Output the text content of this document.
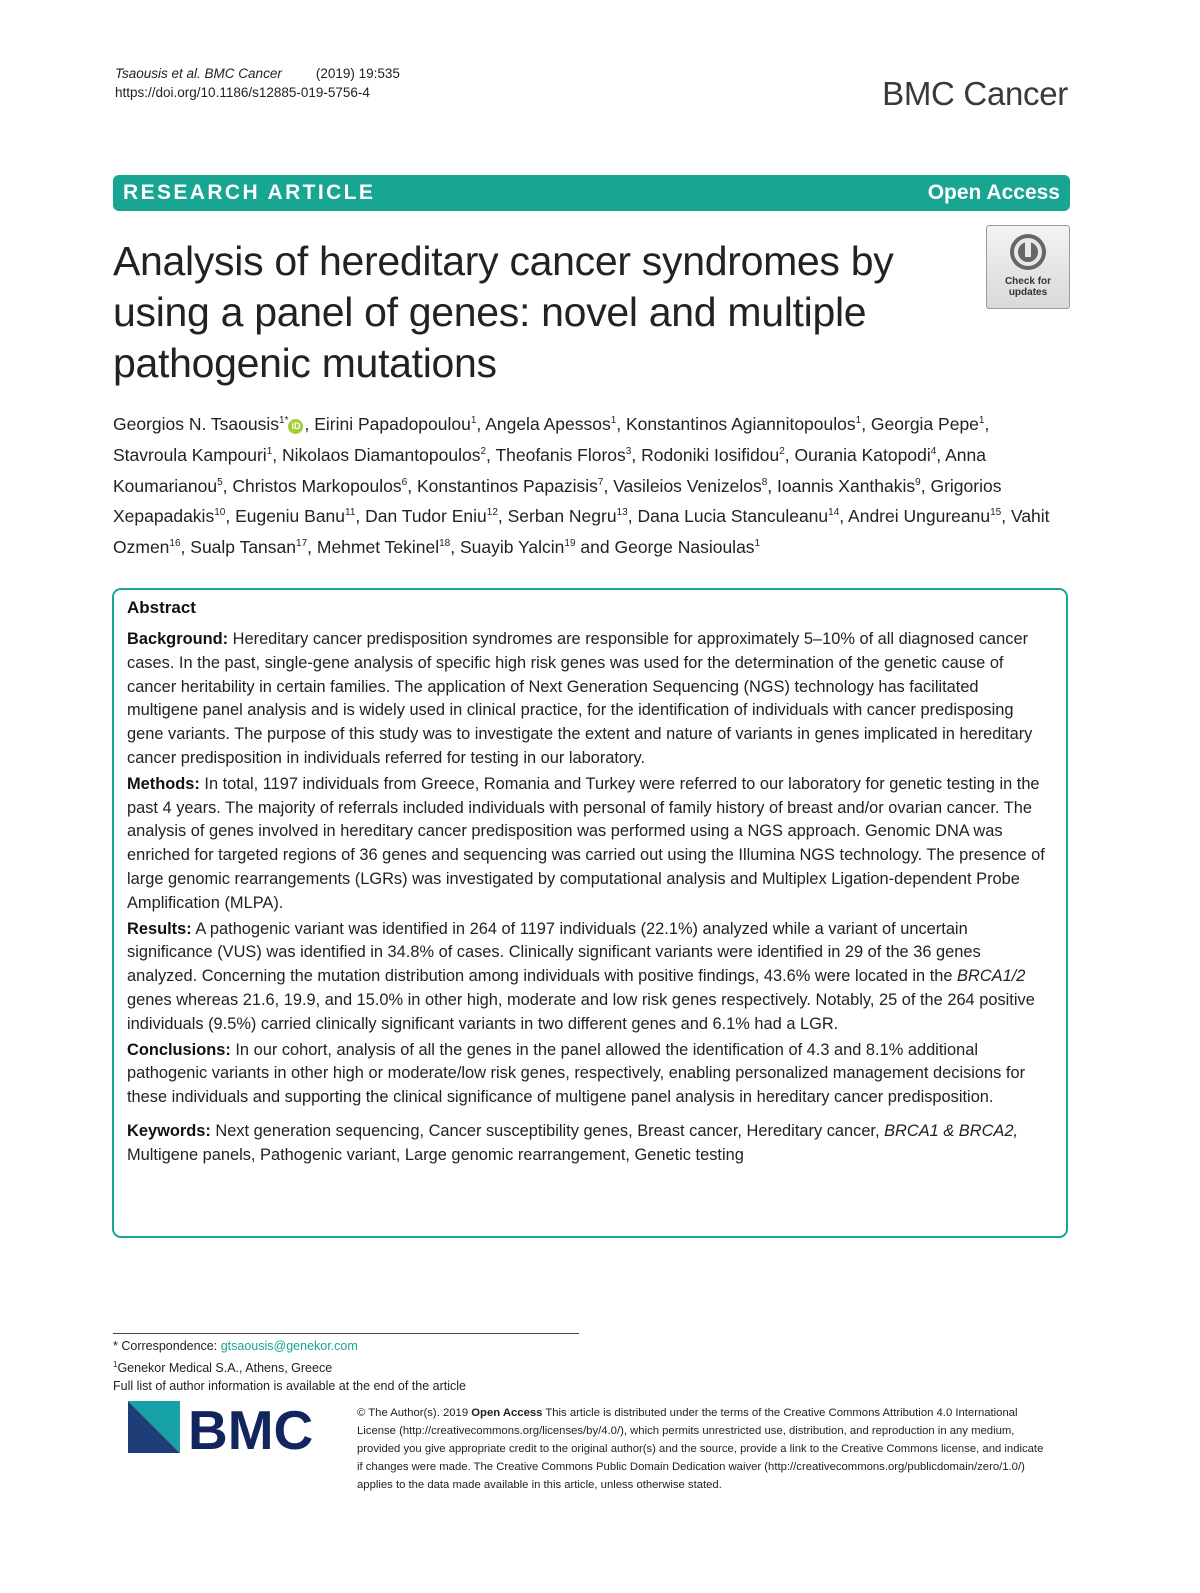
Tsaousis et al. BMC Cancer	(2019) 19:535
https://doi.org/10.1186/s12885-019-5756-4	BMC Cancer
RESEARCH ARTICLE	Open Access
Analysis of hereditary cancer syndromes by using a panel of genes: novel and multiple pathogenic mutations
Check for
updates
Georgios N. Tsaousis$^{1*}$ iD , Eirini Papadopoulou$^1$, Angela Apessos$^1$, Konstantinos Agiannitopoulos$^1$, Georgia Pepe$^1$, Stavroula Kampouri$^1$, Nikolaos Diamantopoulos$^2$, Theofanis Floros$^3$, Rodoniki Iosifidou$^2$, Ourania Katopodi$^4$, Anna Koumarianou$^5$, Christos Markopoulos$^6$, Konstantinos Papazisis$^7$, Vasileios Venizelos$^8$, Ioannis Xanthakis$^9$, Grigorios Xepapadakis$^{10}$, Eugeniu Banu$^{11}$, Dan Tudor Eniu$^{12}$, Serban Negru$^{13}$, Dana Lucia Stanculeanu$^{14}$, Andrei Ungureanu$^{15}$, Vahit Ozmen$^{16}$, Sualp Tansan$^{17}$, Mehmet Tekinel$^{18}$, Suayib Yalcin$^{19}$ and George Nasioulas$^1$
Abstract

Background: Hereditary cancer predisposition syndromes are responsible for approximately 5–10% of all diagnosed cancer cases. In the past, single-gene analysis of specific high risk genes was used for the determination of the genetic cause of cancer heritability in certain families. The application of Next Generation Sequencing (NGS) technology has facilitated multigene panel analysis and is widely used in clinical practice, for the identification of individuals with cancer predisposing gene variants. The purpose of this study was to investigate the extent and nature of variants in genes implicated in hereditary cancer predisposition in individuals referred for testing in our laboratory.

Methods: In total, 1197 individuals from Greece, Romania and Turkey were referred to our laboratory for genetic testing in the past 4 years. The majority of referrals included individuals with personal of family history of breast and/or ovarian cancer. The analysis of genes involved in hereditary cancer predisposition was performed using a NGS approach. Genomic DNA was enriched for targeted regions of 36 genes and sequencing was carried out using the Illumina NGS technology. The presence of large genomic rearrangements (LGRs) was investigated by computational analysis and Multiplex Ligation-dependent Probe Amplification (MLPA).

Results: A pathogenic variant was identified in 264 of 1197 individuals (22.1%) analyzed while a variant of uncertain significance (VUS) was identified in 34.8% of cases. Clinically significant variants were identified in 29 of the 36 genes analyzed. Concerning the mutation distribution among individuals with positive findings, 43.6% were located in the BRCA1/2 genes whereas 21.6, 19.9, and 15.0% in other high, moderate and low risk genes respectively. Notably, 25 of the 264 positive individuals (9.5%) carried clinically significant variants in two different genes and 6.1% had a LGR.

Conclusions: In our cohort, analysis of all the genes in the panel allowed the identification of 4.3 and 8.1% additional pathogenic variants in other high or moderate/low risk genes, respectively, enabling personalized management decisions for these individuals and supporting the clinical significance of multigene panel analysis in hereditary cancer predisposition.

Keywords: Next generation sequencing, Cancer susceptibility genes, Breast cancer, Hereditary cancer, BRCA1 & BRCA2,
Multigene panels, Pathogenic variant, Large genomic rearrangement, Genetic testing

* Correspondence: gtsaousis@genekor.com
$^1$Genekor Medical S.A., Athens, Greece
Full list of author information is available at the end of the article
BMC	© The Author(s). 2019 Open Access This article is distributed under the terms of the Creative Commons Attribution 4.0 International License (http://creativecommons.org/licenses/by/4.0/), which permits unrestricted use, distribution, and reproduction in any medium, provided you give appropriate credit to the original author(s) and the source, provide a link to the Creative Commons license, and indicate if changes were made. The Creative Commons Public Domain Dedication waiver (http://creativecommons.org/publicdomain/zero/1.0/) applies to the data made available in this article, unless otherwise stated.
